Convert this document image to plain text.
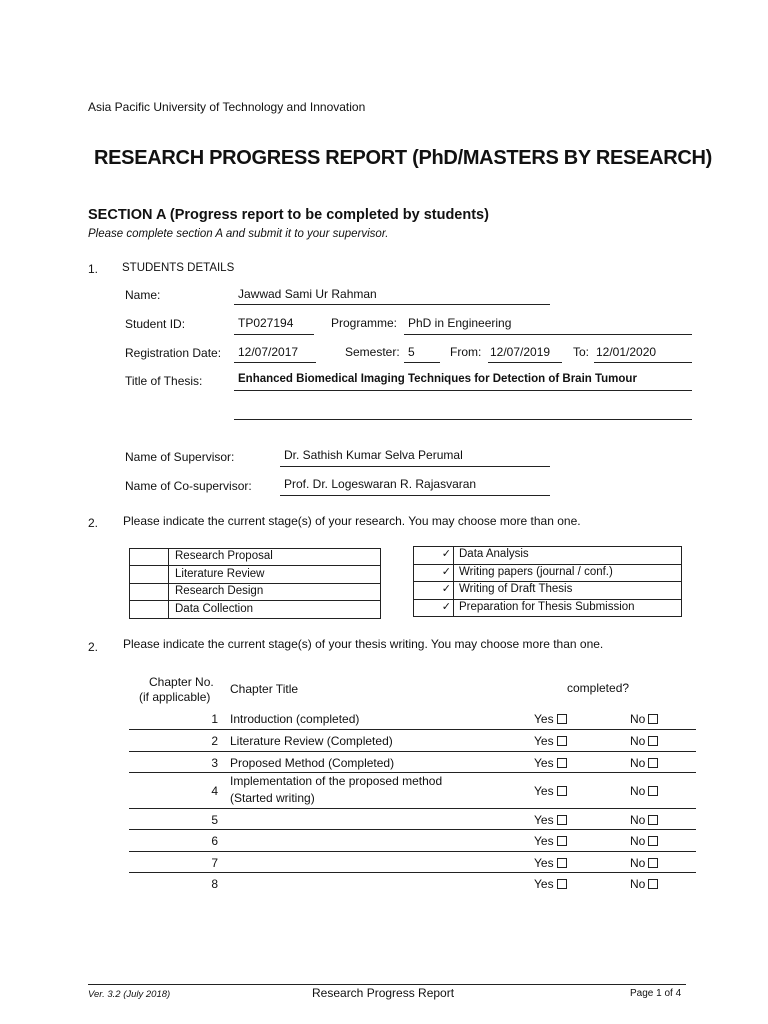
Asia Pacific University of Technology and Innovation
RESEARCH PROGRESS REPORT (PhD/MASTERS BY RESEARCH)
SECTION A (Progress report to be completed by students)
Please complete section A and submit it to your supervisor.
1. STUDENTS DETAILS
Name:	Jawwad Sami Ur Rahman
Student ID:	TP027194	Programme: PhD in Engineering
Registration Date: 12/07/2017	Semester: 5	From: 12/07/2019 To: 12/01/2020
Title of Thesis:	Enhanced Biomedical Imaging Techniques for Detection of Brain Tumour
Name of Supervisor:	Dr. Sathish Kumar Selva Perumal
Name of Co-supervisor:	Prof. Dr. Logeswaran R. Rajasvaran
2. Please indicate the current stage(s) of your research. You may choose more than one.
Research Proposal
Literature Review
Research Design
Data Collection
✓ Data Analysis
✓ Writing papers (journal / conf.)
✓ Writing of Draft Thesis
✓ Preparation for Thesis Submission
2. Please indicate the current stage(s) of your thesis writing. You may choose more than one.
Chapter No.
(if applicable)
Chapter Title	completed?
1 Introduction (completed)	Yes	No
2 Literature Review (Completed)	Yes	No
3 Proposed Method (Completed)	Yes	No
4
Implementation of the proposed method
(Started writing)	Yes	No
5	Yes	No
6	Yes	No
7	Yes	No
8	Yes	No
Ver. 3.2 (July 2018)	Research Progress Report	Page 1 of 4
